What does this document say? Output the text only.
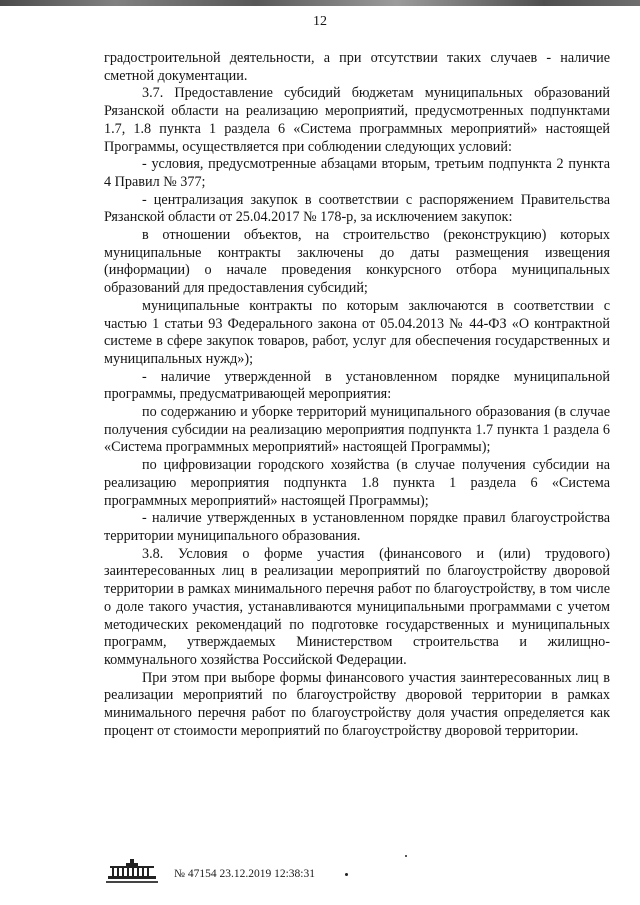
12

градостроительной деятельности, а при отсутствии таких случаев - наличие сметной документации.

3.7. Предоставление субсидий бюджетам муниципальных образований Рязанской области на реализацию мероприятий, предусмотренных подпунктами 1.7, 1.8 пункта 1 раздела 6 «Система программных мероприятий» настоящей Программы, осуществляется при соблюдении следующих условий:

- условия, предусмотренные абзацами вторым, третьим подпункта 2 пункта 4 Правил № 377;

- централизация закупок в соответствии с распоряжением Правительства Рязанской области от 25.04.2017 № 178-р, за исключением закупок:

в отношении объектов, на строительство (реконструкцию) которых муниципальные контракты заключены до даты размещения извещения (информации) о начале проведения конкурсного отбора муниципальных образований для предоставления субсидий;

муниципальные контракты по которым заключаются в соответствии с частью 1 статьи 93 Федерального закона от 05.04.2013 № 44-ФЗ «О контрактной системе в сфере закупок товаров, работ, услуг для обеспечения государственных и муниципальных нужд»);

- наличие утвержденной в установленном порядке муниципальной программы, предусматривающей мероприятия:

по содержанию и уборке территорий муниципального образования (в случае получения субсидии на реализацию мероприятия подпункта 1.7 пункта 1 раздела 6 «Система программных мероприятий» настоящей Программы);

по цифровизации городского хозяйства (в случае получения субсидии на реализацию мероприятия подпункта 1.8 пункта 1 раздела 6 «Система программных мероприятий» настоящей Программы);

- наличие утвержденных в установленном порядке правил благоустройства территории муниципального образования.

3.8. Условия о форме участия (финансового и (или) трудового) заинтересованных лиц в реализации мероприятий по благоустройству дворовой территории в рамках минимального перечня работ по благоустройству, в том числе о доле такого участия, устанавливаются муниципальными программами с учетом методических рекомендаций по подготовке государственных и муниципальных программ, утверждаемых Министерством строительства и жилищно-коммунального хозяйства Российской Федерации.

При этом при выборе формы финансового участия заинтересованных лиц в реализации мероприятий по благоустройству дворовой территории в рамках минимального перечня работ по благоустройству доля участия определяется как процент от стоимости мероприятий по благоустройству дворовой территории.

№ 47154 23.12.2019 12:38:31
